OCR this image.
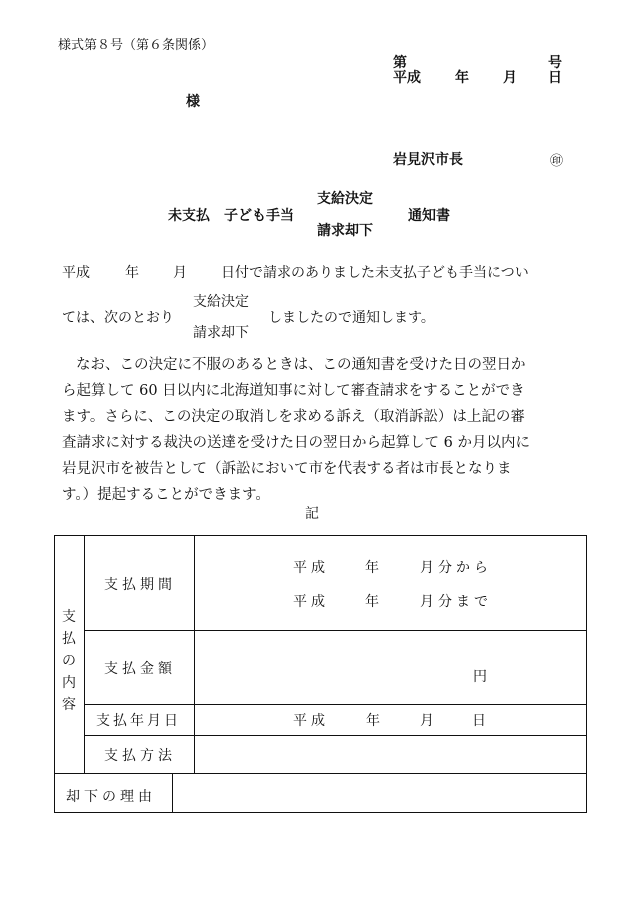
様式第８号（第６条関係）
第	号
平成 年 月 日
様
岩見沢市長	㊞
未支払　子ども手当
支給決定
請求却下
通知書
平成	年 月 日付で請求のありました未支払子ども手当につい
ては、次のとおり
支給決定
請求却下
しましたので通知します。
なお、この決定に不服のあるときは、この通知書を受けた日の翌日か
ら起算して 60 日以内に北海道知事に対して審査請求をすることができ
ます。さらに、この決定の取消しを求める訴え（取消訴訟）は上記の審
査請求に対する裁決の送達を受けた日の翌日から起算して 6 か月以内に
岩見沢市を被告として（訴訟において市を代表する者は市長となりま
す。）提起することができます。
記
支
払
の
内
容
支払期間
平成	年	月分から
平成	年	月分まで
支払金額	円
支払年月日	平成	年	月 日
支払方法
却下の理由
